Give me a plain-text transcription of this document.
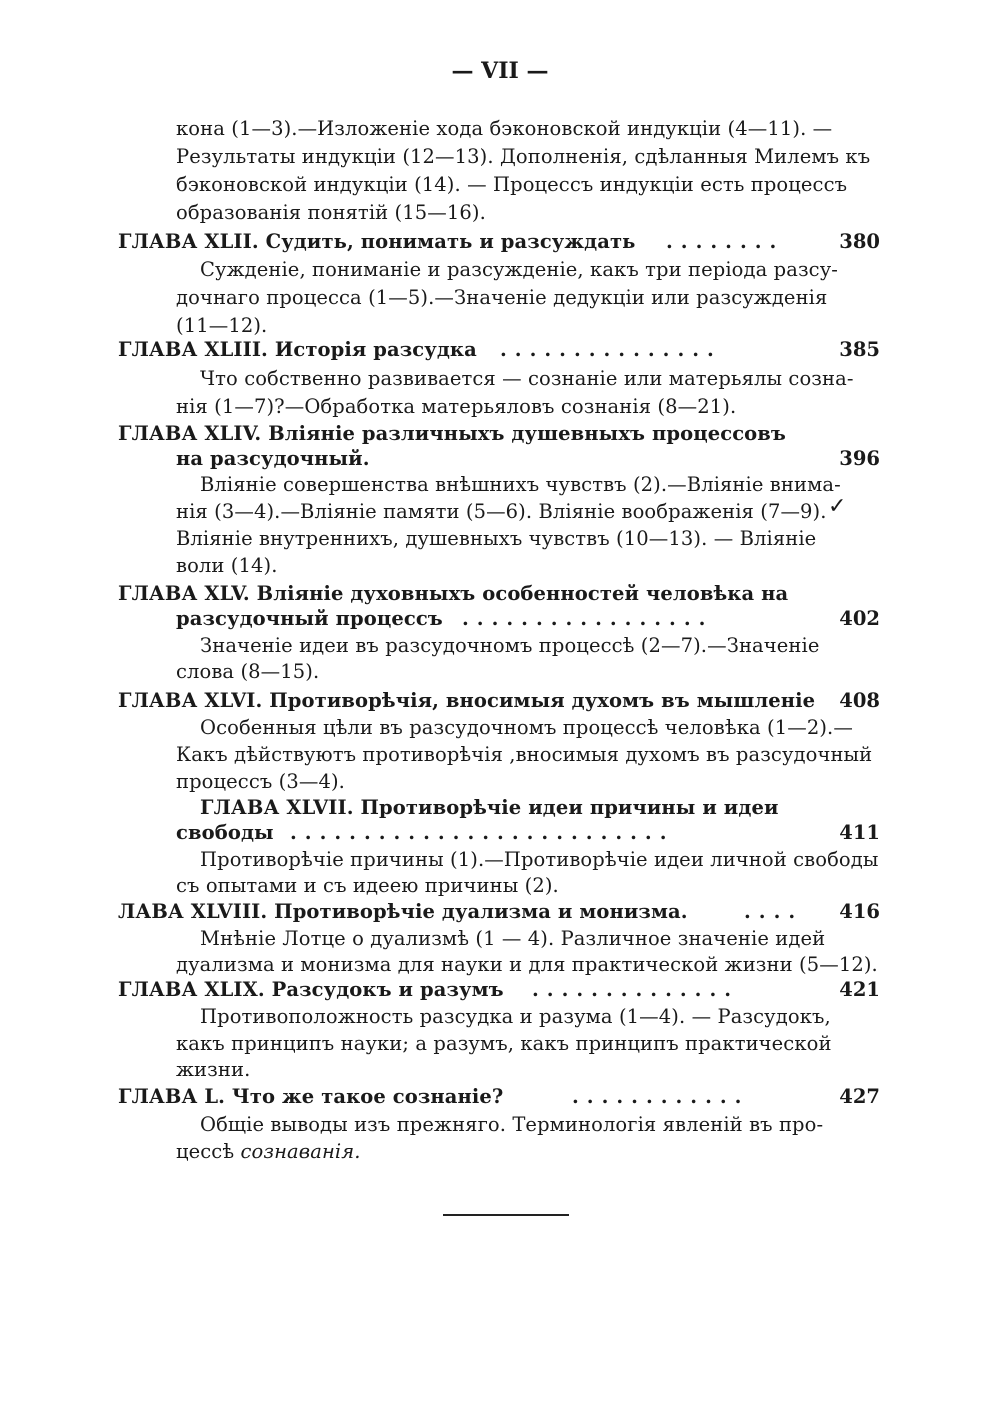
— VII —
кона (1—3).—Изложеніе хода бэконовской индукціи (4—11). —
Результаты индукціи (12—13). Дополненія, сдѣланныя Милемъ къ
бэконовской индукціи (14). — Процессъ индукціи есть процессъ
образованія понятій (15—16).
ГЛАВА XLII. Судить, понимать и разсуждать ........	380
Сужденіе, пониманіе и разсужденіе, какъ три періода разсу-
дочнаго процесса (1—5).—Значеніе дедукціи или разсужденія
(11—12).
ГЛАВА XLIII. Исторія разсудка ...............	385
Что собственно развивается — сознаніе или матерьялы созна-
нія (1—7)?—Обработка матерьяловъ сознанія (8—21).
ГЛАВА XLIV. Вліяніе различныхъ душевныхъ процессовъ
на разсудочный.	396
Вліяніе совершенства внѣшнихъ чувствъ (2).—Вліяніе внима-
нія (3—4).—Вліяніе памяти (5—6). Вліяніе воображенія (7—9). ✓
Вліяніе внутреннихъ, душевныхъ чувствъ (10—13). — Вліяніе
воли (14).
ГЛАВА XLV. Вліяніе духовныхъ особенностей человѣка на
разсудочный процессъ .................	402
Значеніе идеи въ разсудочномъ процессѣ (2—7).—Значеніе
слова (8—15).
ГЛАВА XLVI. Противорѣчія, вносимыя духомъ въ мышленіе	408
Особенныя цѣли въ разсудочномъ процессѣ человѣка (1—2).—
Какъ дѣйствуютъ противорѣчія ,вносимыя духомъ въ разсудочный
процессъ (3—4).
ГЛАВА XLVII. Противорѣчіе идеи причины и идеи
свободы ..........................	411
Противорѣчіе причины (1).—Противорѣчіе идеи личной свободы
съ опытами и съ идеею причины (2).
ЛАВА XLVIII. Противорѣчіе дуализма и монизма.	....	416
Мнѣніе Лотце о дуализмѣ (1 — 4). Различное значеніе идей
дуализма и монизма для науки и для практической жизни (5—12).
ГЛАВА XLIX. Разсудокъ и разумъ ..............	421
Противоположность разсудка и разума (1—4). — Разсудокъ,
какъ принципъ науки; а разумъ, какъ принципъ практической
жизни.
ГЛАВА L. Что же такое сознаніе?	............	427
Общіе выводы изъ прежняго. Терминологія явленій въ про-
цессѣ сознаванія.
